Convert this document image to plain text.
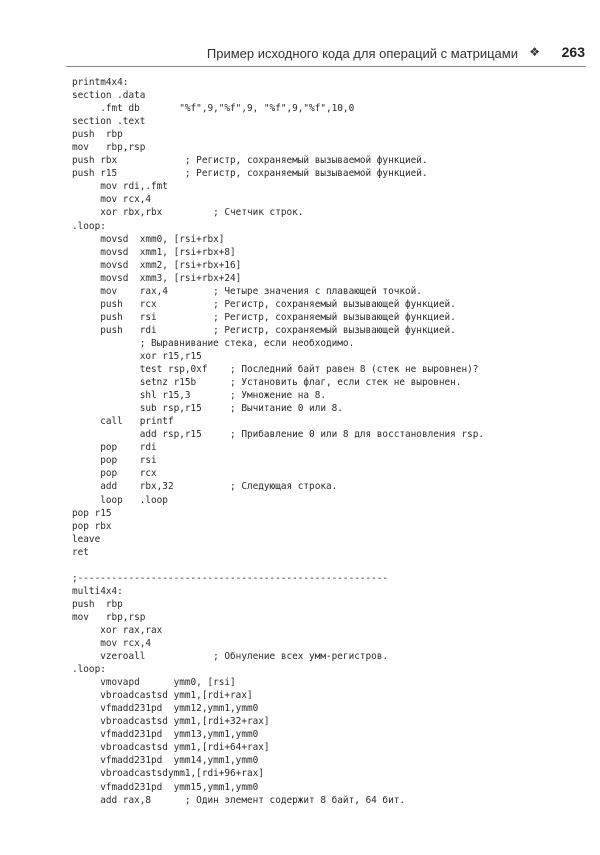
Пример исходного кода для операций с матрицами ❖ 263
printm4x4:
section .data
.fmt db       "%f",9,"%f",9, "%f",9,"%f",10,0
section .text
push  rbp
mov   rbp,rsp
push rbx            ; Регистр, сохраняемый вызываемой функцией.
push r15            ; Регистр, сохраняемый вызываемой функцией.
mov rdi,.fmt
mov rcx,4
xor rbx,rbx         ; Счетчик строк.
.loop:
movsd  xmm0, [rsi+rbx]
movsd  xmm1, [rsi+rbx+8]
movsd  xmm2, [rsi+rbx+16]
movsd  xmm3, [rsi+rbx+24]
mov    rax,4        ; Четыре значения с плавающей точкой.
push   rcx          ; Регистр, сохраняемый вызывающей функцией.
push   rsi          ; Регистр, сохраняемый вызывающей функцией.
push   rdi          ; Регистр, сохраняемый вызывающей функцией.
; Выравнивание стека, если необходимо.
xor r15,r15
test rsp,0xf    ; Последний байт равен 8 (стек не выровнен)?
setnz r15b      ; Установить флаг, если стек не выровнен.
shl r15,3       ; Умножение на 8.
sub rsp,r15     ; Вычитание 0 или 8.
call   printf
add rsp,r15     ; Прибавление 0 или 8 для восстановления rsp.
pop    rdi
pop    rsi
pop    rcx
add    rbx,32          ; Следующая строка.
loop   .loop
pop r15
pop rbx
leave
ret
;-------------------------------------------------------
multi4x4:
push  rbp
mov   rbp,rsp
xor rax,rax
mov rcx,4
vzeroall            ; Обнуление всех умм-регистров.
.loop:
vmovapd      ymm0, [rsi]
vbroadcastsd ymm1,[rdi+rax]
vfmadd231pd  ymm12,ymm1,ymm0
vbroadcastsd ymm1,[rdi+32+rax]
vfmadd231pd  ymm13,ymm1,ymm0
vbroadcastsd ymm1,[rdi+64+rax]
vfmadd231pd  ymm14,ymm1,ymm0
vbroadcastsdymm1,[rdi+96+rax]
vfmadd231pd  ymm15,ymm1,ymm0
add rax,8      ; Один элемент содержит 8 байт, 64 бит.
